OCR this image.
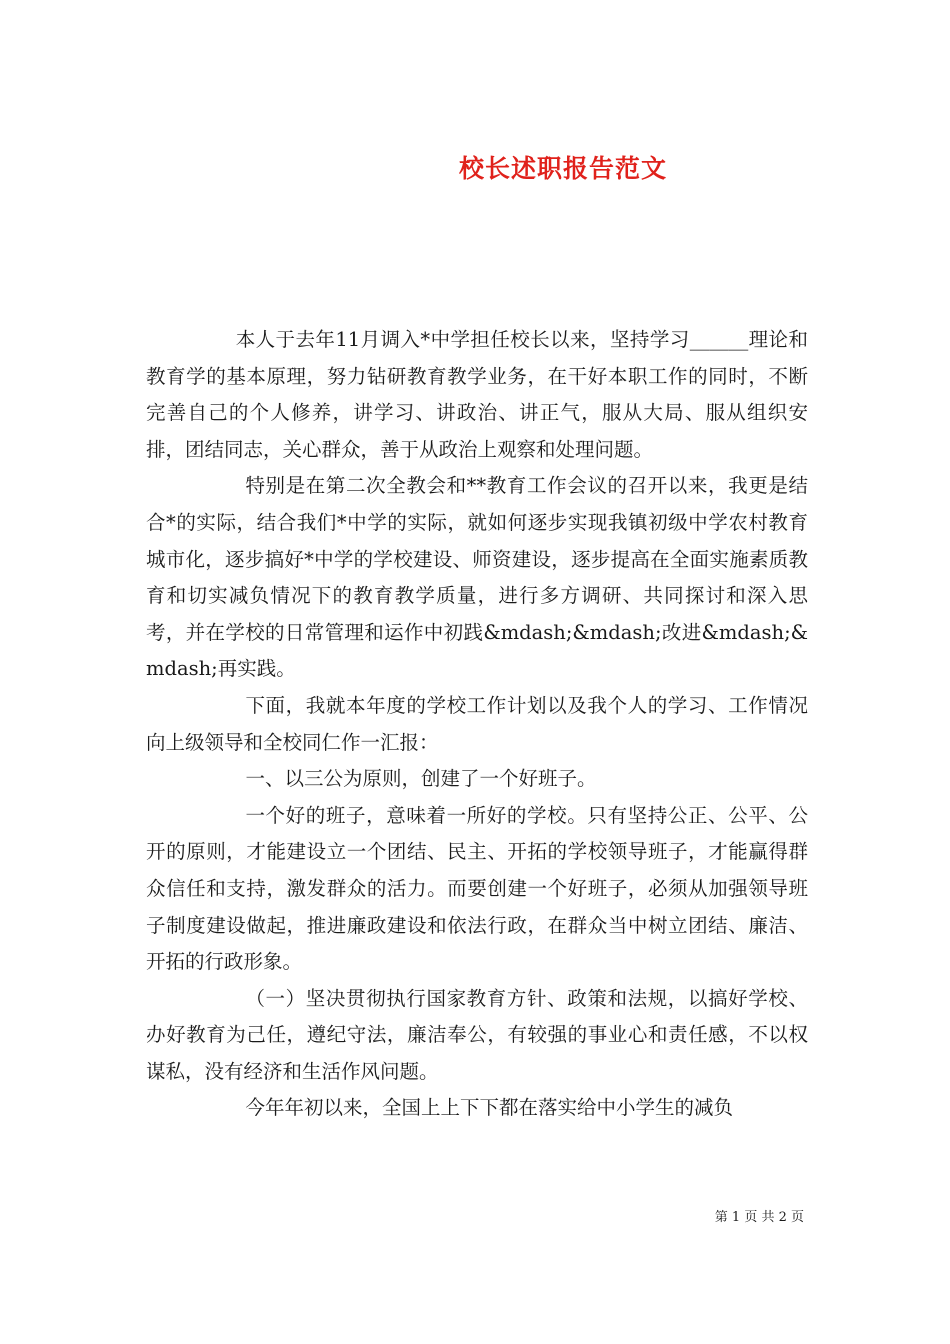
校长述职报告范文

本人于去年11月调入*中学担任校长以来，坚持学习______理论和教育学的基本原理，努力钻研教育教学业务，在干好本职工作的同时，不断完善自己的个人修养，讲学习、讲政治、讲正气，服从大局、服从组织安排，团结同志，关心群众，善于从政治上观察和处理问题。

特别是在第二次全教会和**教育工作会议的召开以来，我更是结合*的实际，结合我们*中学的实际，就如何逐步实现我镇初级中学农村教育城市化，逐步搞好*中学的学校建设、师资建设，逐步提高在全面实施素质教育和切实减负情况下的教育教学质量，进行多方调研、共同探讨和深入思考，并在学校的日常管理和运作中初践&mdash;&mdash;改进&mdash;&mdash;再实践。

下面，我就本年度的学校工作计划以及我个人的学习、工作情况向上级领导和全校同仁作一汇报：

一、以三公为原则，创建了一个好班子。

一个好的班子，意味着一所好的学校。只有坚持公正、公平、公开的原则，才能建设立一个团结、民主、开拓的学校领导班子，才能赢得群众信任和支持，激发群众的活力。而要创建一个好班子，必须从加强领导班子制度建设做起，推进廉政建设和依法行政，在群众当中树立团结、廉洁、开拓的行政形象。

（一）坚决贯彻执行国家教育方针、政策和法规，以搞好学校、办好教育为己任，遵纪守法，廉洁奉公，有较强的事业心和责任感，不以权谋私，没有经济和生活作风问题。

今年年初以来，全国上上下下都在落实给中小学生的减负

第 1 页 共 2 页
